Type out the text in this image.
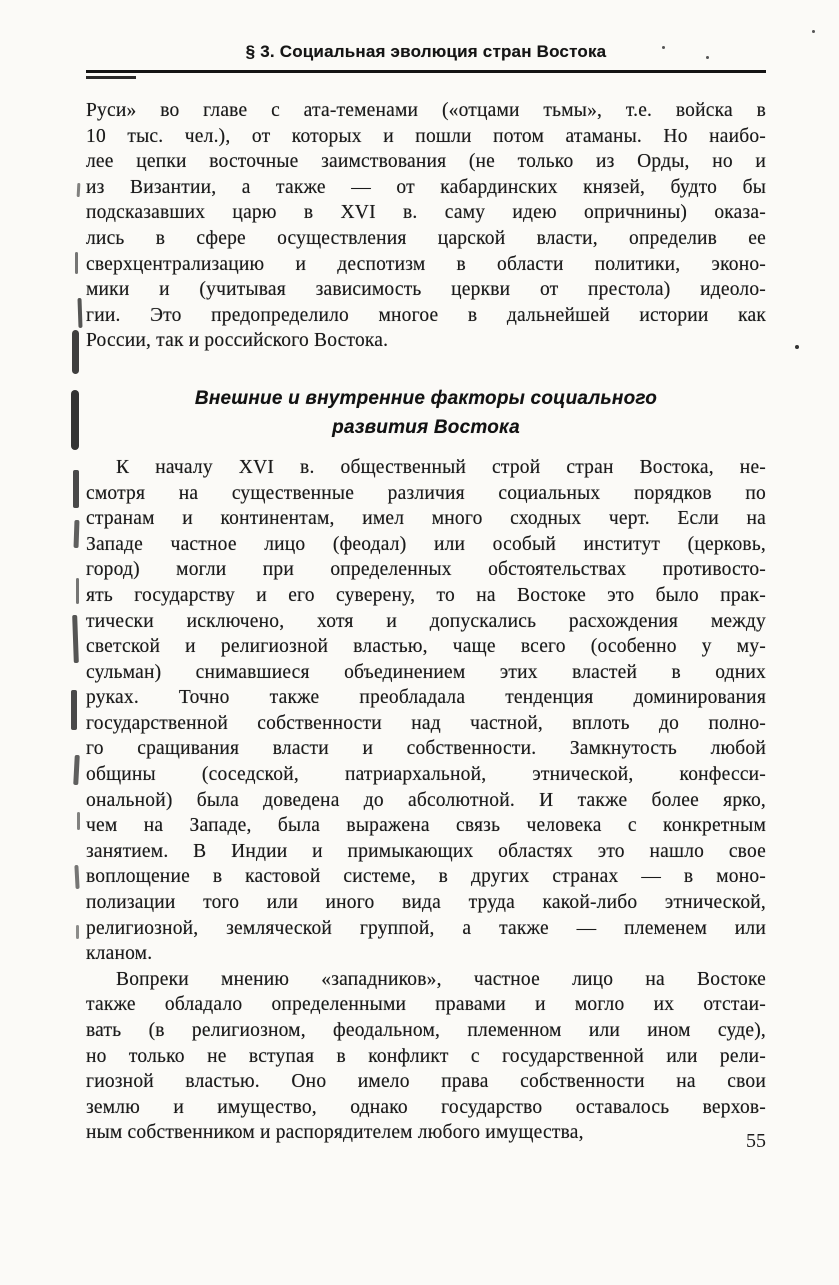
§ 3. Социальная эволюция стран Востока
Руси» во главе с ата-теменами («отцами тьмы», т.е. войска в
10 тыс. чел.), от которых и пошли потом атаманы. Но наибо-
лее цепки восточные заимствования (не только из Орды, но и
из Византии, а также — от кабардинских князей, будто бы
подсказавших царю в XVI в. саму идею опричнины) оказа-
лись в сфере осуществления царской власти, определив ее
сверхцентрализацию и деспотизм в области политики, эконо-
мики и (учитывая зависимость церкви от престола) идеоло-
гии. Это предопределило многое в дальнейшей истории как
России, так и российского Востока.
Внешние и внутренние факторы социального
развития Востока
К началу XVI в. общественный строй стран Востока, не-
смотря на существенные различия социальных порядков по
странам и континентам, имел много сходных черт. Если на
Западе частное лицо (феодал) или особый институт (церковь,
город) могли при определенных обстоятельствах противосто-
ять государству и его суверену, то на Востоке это было прак-
тически исключено, хотя и допускались расхождения между
светской и религиозной властью, чаще всего (особенно у му-
сульман) снимавшиеся объединением этих властей в одних
руках. Точно также преобладала тенденция доминирования
государственной собственности над частной, вплоть до полно-
го сращивания власти и собственности. Замкнутость любой
общины (соседской, патриархальной, этнической, конфесси-
ональной) была доведена до абсолютной. И также более ярко,
чем на Западе, была выражена связь человека с конкретным
занятием. В Индии и примыкающих областях это нашло свое
воплощение в кастовой системе, в других странах — в моно-
полизации того или иного вида труда какой-либо этнической,
религиозной, земляческой группой, а также — племенем или
кланом.
Вопреки мнению «западников», частное лицо на Востоке
также обладало определенными правами и могло их отстаи-
вать (в религиозном, феодальном, племенном или ином суде),
но только не вступая в конфликт с государственной или рели-
гиозной властью. Оно имело права собственности на свои
землю и имущество, однако государство оставалось верхов-
ным собственником и распорядителем любого имущества,	55
